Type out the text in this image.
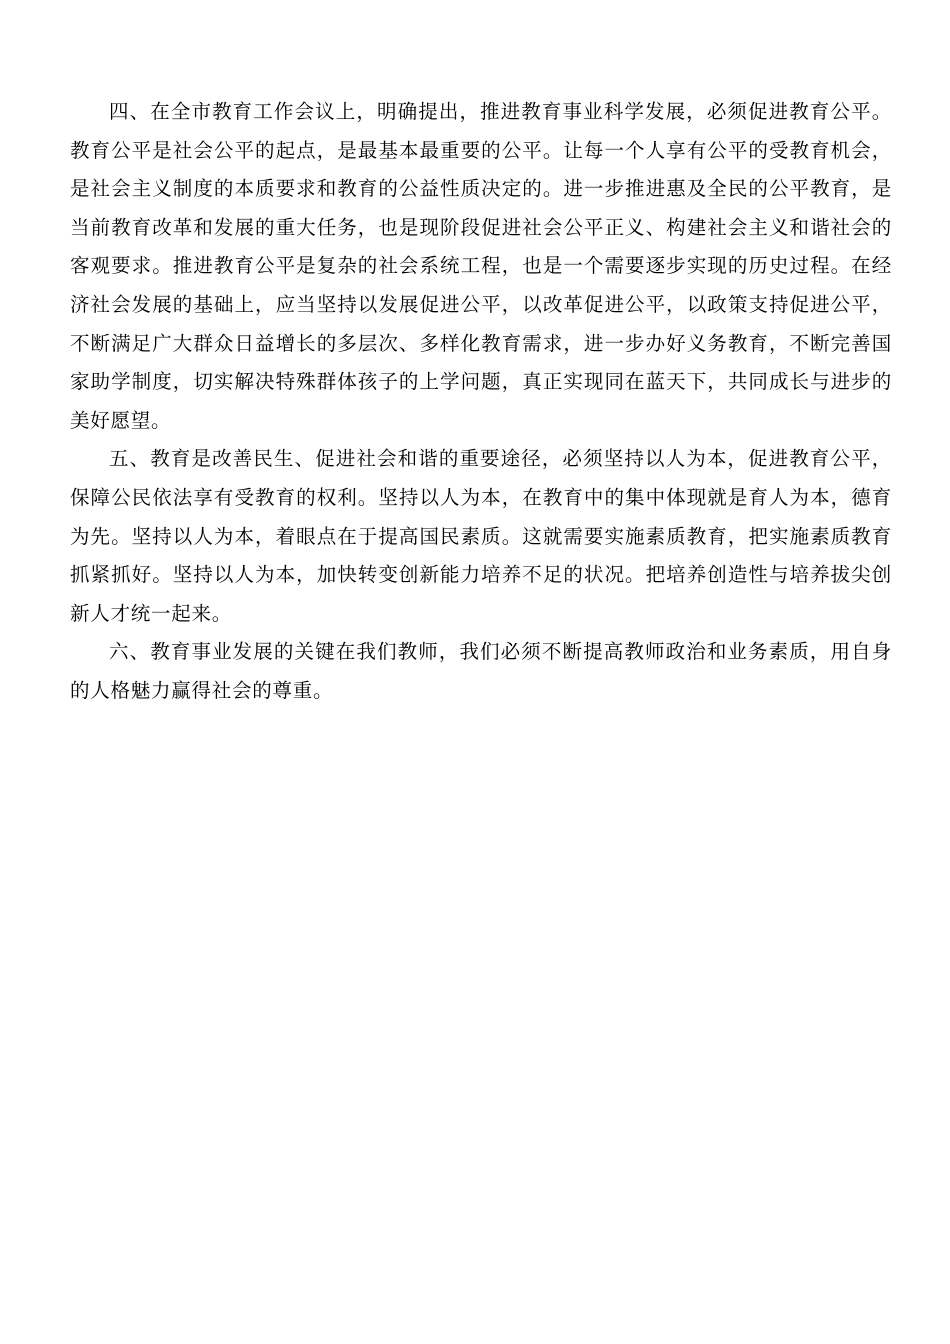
四、在全市教育工作会议上，明确提出，推进教育事业科学发展，必须促进教育公平。教育公平是社会公平的起点，是最基本最重要的公平。让每一个人享有公平的受教育机会，是社会主义制度的本质要求和教育的公益性质决定的。进一步推进惠及全民的公平教育，是当前教育改革和发展的重大任务，也是现阶段促进社会公平正义、构建社会主义和谐社会的客观要求。推进教育公平是复杂的社会系统工程，也是一个需要逐步实现的历史过程。在经济社会发展的基础上，应当坚持以发展促进公平，以改革促进公平，以政策支持促进公平，不断满足广大群众日益增长的多层次、多样化教育需求，进一步办好义务教育，不断完善国家助学制度，切实解决特殊群体孩子的上学问题，真正实现同在蓝天下，共同成长与进步的美好愿望。

五、教育是改善民生、促进社会和谐的重要途径，必须坚持以人为本，促进教育公平，保障公民依法享有受教育的权利。坚持以人为本，在教育中的集中体现就是育人为本，德育为先。坚持以人为本，着眼点在于提高国民素质。这就需要实施素质教育，把实施素质教育抓紧抓好。坚持以人为本，加快转变创新能力培养不足的状况。把培养创造性与培养拔尖创新人才统一起来。

六、教育事业发展的关键在我们教师，我们必须不断提高教师政治和业务素质，用自身的人格魅力赢得社会的尊重。
